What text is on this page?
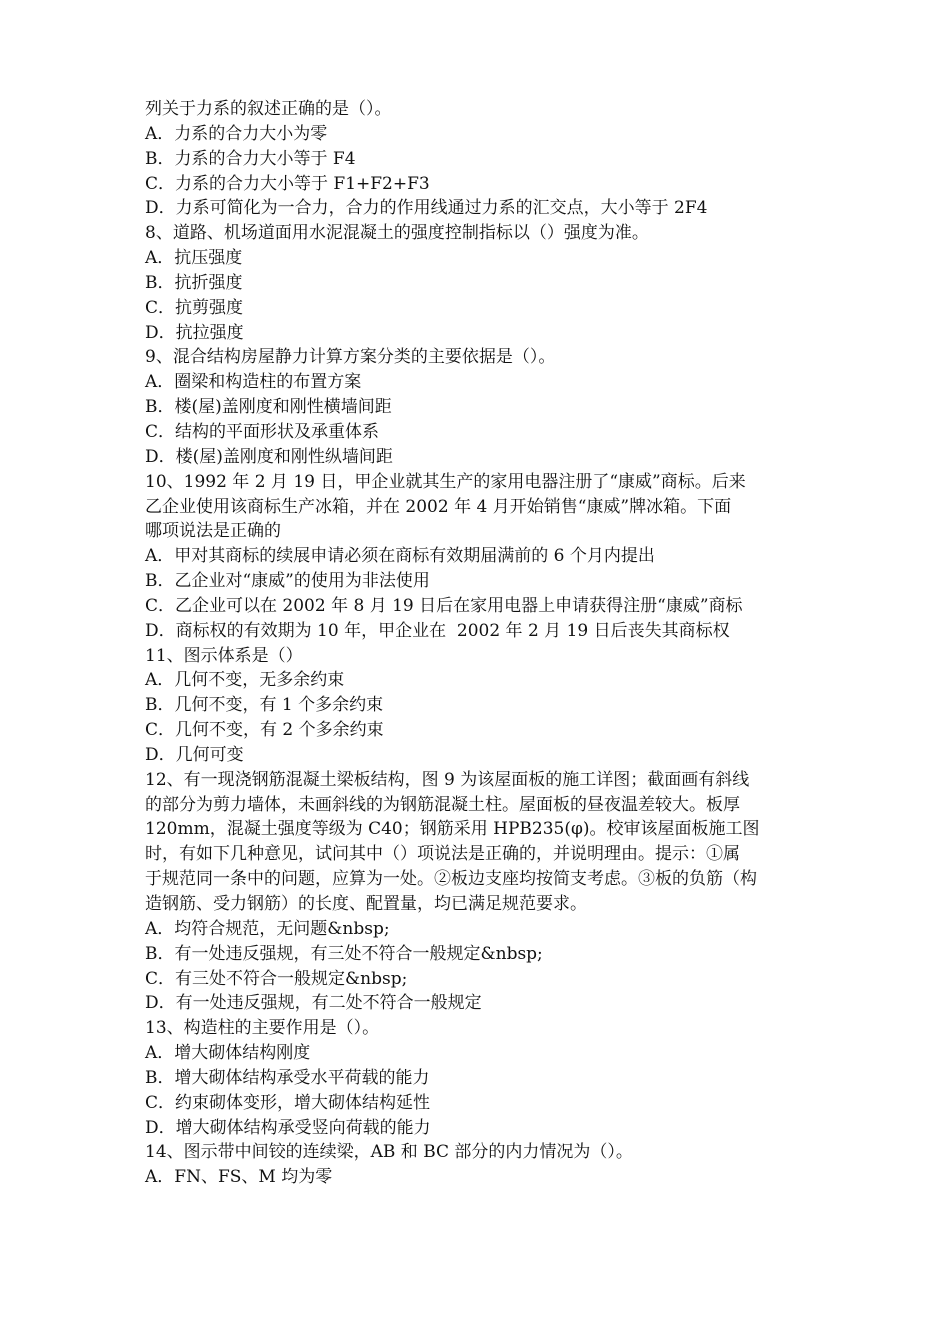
列关于力系的叙述正确的是（）。
A．力系的合力大小为零
B．力系的合力大小等于 F4
C．力系的合力大小等于 F1+F2+F3
D．力系可简化为一合力，合力的作用线通过力系的汇交点，大小等于 2F4
8、道路、机场道面用水泥混凝土的强度控制指标以（）强度为准。
A．抗压强度
B．抗折强度
C．抗剪强度
D．抗拉强度
9、混合结构房屋静力计算方案分类的主要依据是（）。
A．圈梁和构造柱的布置方案
B．楼(屋)盖刚度和刚性横墙间距
C．结构的平面形状及承重体系
D．楼(屋)盖刚度和刚性纵墙间距
10、1992 年 2 月 19 日，甲企业就其生产的家用电器注册了“康威”商标。后来
乙企业使用该商标生产冰箱，并在 2002 年 4 月开始销售“康威”牌冰箱。下面
哪项说法是正确的
A．甲对其商标的续展申请必须在商标有效期届满前的 6 个月内提出
B．乙企业对“康威”的使用为非法使用
C．乙企业可以在 2002 年 8 月 19 日后在家用电器上申请获得注册“康威”商标
D．商标权的有效期为 10 年，甲企业在  2002 年 2 月 19 日后丧失其商标权
11、图示体系是（）
A．几何不变，无多余约束
B．几何不变，有 1 个多余约束
C．几何不变，有 2 个多余约束
D．几何可变
12、有一现浇钢筋混凝土梁板结构，图 9 为该屋面板的施工详图；截面画有斜线
的部分为剪力墙体，未画斜线的为钢筋混凝土柱。屋面板的昼夜温差较大。板厚
120mm，混凝土强度等级为 C40；钢筋采用 HPB235(φ)。校审该屋面板施工图
时，有如下几种意见，试问其中（）项说法是正确的，并说明理由。提示：①属
于规范同一条中的问题，应算为一处。②板边支座均按简支考虑。③板的负筋（构
造钢筋、受力钢筋）的长度、配置量，均已满足规范要求。
A．均符合规范，无问题&nbsp;
B．有一处违反强规，有三处不符合一般规定&nbsp;
C．有三处不符合一般规定&nbsp;
D．有一处违反强规，有二处不符合一般规定
13、构造柱的主要作用是（）。
A．增大砌体结构刚度
B．增大砌体结构承受水平荷载的能力
C．约束砌体变形，增大砌体结构延性
D．增大砌体结构承受竖向荷载的能力
14、图示带中间铰的连续梁，AB 和 BC 部分的内力情况为（）。
A．FN、FS、M 均为零
